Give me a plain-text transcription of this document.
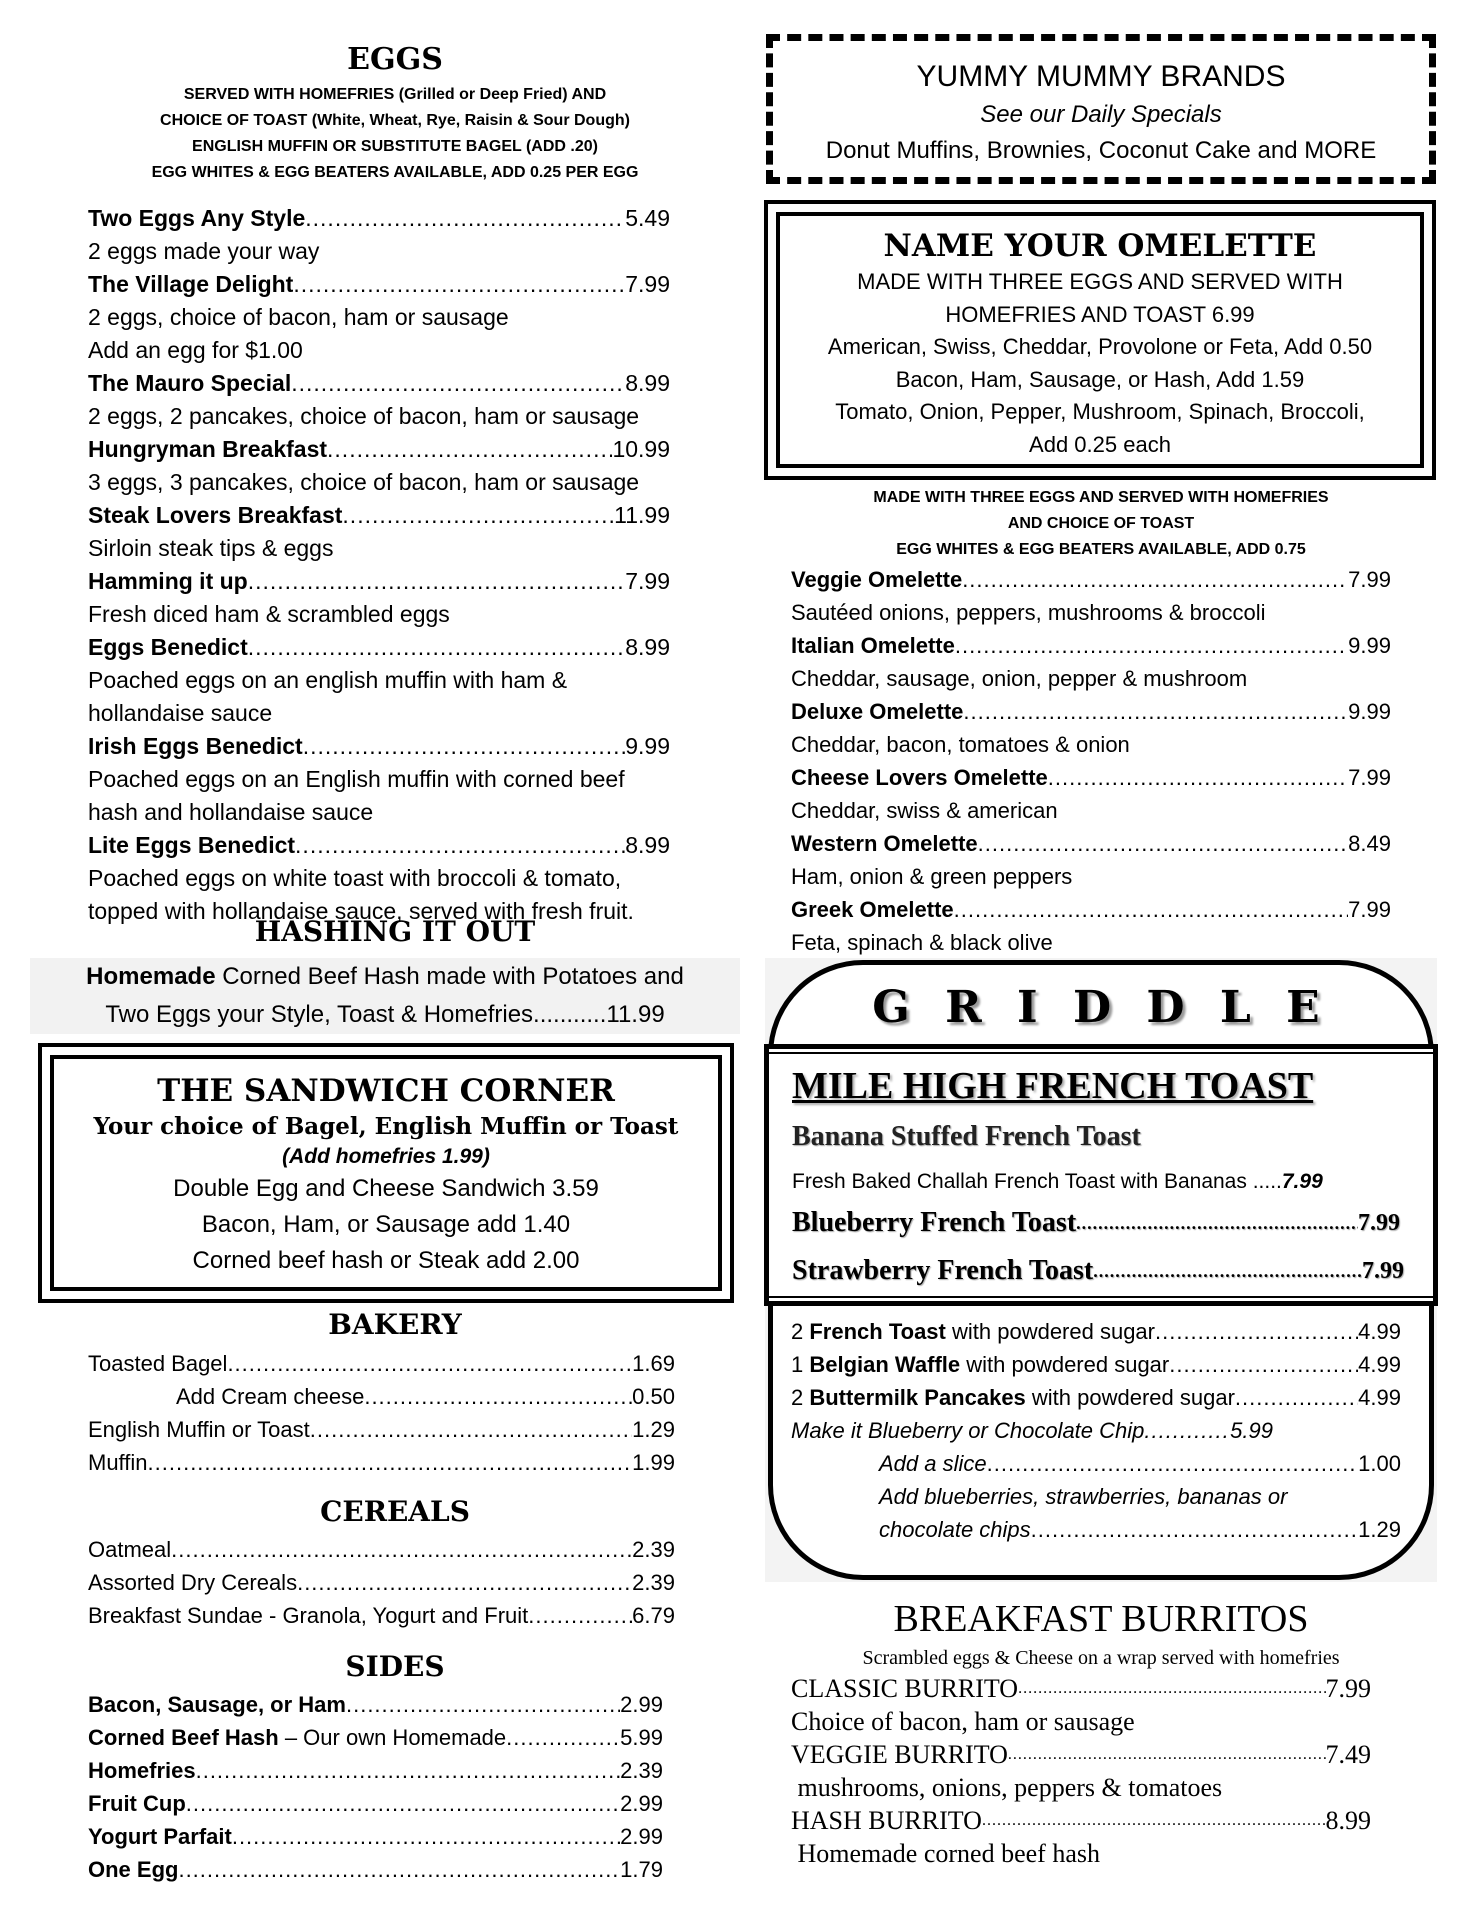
EGGS
SERVED WITH HOMEFRIES (Grilled or Deep Fried) AND
CHOICE OF TOAST (White, Wheat, Rye, Raisin & Sour Dough)
ENGLISH MUFFIN OR SUBSTITUTE BAGEL (ADD .20)
EGG WHITES & EGG BEATERS AVAILABLE, ADD 0.25 PER EGG
Two Eggs Any Style .....	5.49
2 eggs made your way
The Village Delight .....	7.99
2 eggs, choice of bacon, ham or sausage
Add an egg for $1.00
The Mauro Special .....	8.99
2 eggs, 2 pancakes, choice of bacon, ham or sausage
Hungryman Breakfast .....	10.99
3 eggs, 3 pancakes, choice of bacon, ham or sausage
Steak Lovers Breakfast .....	11.99
Sirloin steak tips & eggs
Hamming it up .....	7.99
Fresh diced ham & scrambled eggs
Eggs Benedict .....	8.99
Poached eggs on an english muffin with ham &
hollandaise sauce
Irish Eggs Benedict .....	9.99
Poached eggs on an English muffin with corned beef
hash and hollandaise sauce
Lite Eggs Benedict .....	8.99
Poached eggs on white toast with broccoli & tomato,
topped with hollandaise sauce, served with fresh fruit.
HASHING IT OUT
Homemade Corned Beef Hash made with Potatoes and
Two Eggs your Style, Toast & Homefries...........11.99
THE SANDWICH CORNER
Your choice of Bagel, English Muffin or Toast
(Add homefries 1.99)
Double Egg and Cheese Sandwich 3.59
Bacon, Ham, or Sausage add 1.40
Corned beef hash or Steak add 2.00
BAKERY
Toasted Bagel .....	1.69
Add Cream cheese .....	0.50
English Muffin or Toast .....	1.29
Muffin .....	1.99
CEREALS
Oatmeal .....	2.39
Assorted Dry Cereals .....	2.39
Breakfast Sundae - Granola, Yogurt and Fruit .....	6.79
SIDES
Bacon, Sausage, or Ham .....	2.99
Corned Beef Hash – Our own Homemade .....	5.99
Homefries .....	2.39
Fruit Cup .....	2.99
Yogurt Parfait .....	2.99
One Egg .....	1.79
YUMMY MUMMY BRANDS
See our Daily Specials
Donut Muffins, Brownies, Coconut Cake and MORE
NAME YOUR OMELETTE
MADE WITH THREE EGGS AND SERVED WITH
HOMEFRIES AND TOAST 6.99
American, Swiss, Cheddar, Provolone or Feta, Add 0.50
Bacon, Ham, Sausage, or Hash, Add 1.59
Tomato, Onion, Pepper, Mushroom, Spinach, Broccoli,
Add 0.25 each
MADE WITH THREE EGGS AND SERVED WITH HOMEFRIES
AND CHOICE OF TOAST
EGG WHITES & EGG BEATERS AVAILABLE, ADD 0.75
Veggie Omelette .....	7.99
Sautéed onions, peppers, mushrooms & broccoli
Italian Omelette .....	9.99
Cheddar, sausage, onion, pepper & mushroom
Deluxe Omelette .....	9.99
Cheddar, bacon, tomatoes & onion
Cheese Lovers Omelette .....	7.99
Cheddar, swiss & american
Western Omelette .....	8.49
Ham, onion & green peppers
Greek Omelette .....	7.99
Feta, spinach & black olive
G R I D D L E
MILE HIGH FRENCH TOAST
Banana Stuffed French Toast
Fresh Baked Challah French Toast with Bananas .....7.99
Blueberry French Toast .....	7.99
Strawberry French Toast .....	7.99
2 French Toast with powdered sugar .....	4.99
1 Belgian Waffle with powdered sugar .....	4.99
2 Buttermilk Pancakes with powdered sugar .....	4.99
Make it Blueberry or Chocolate Chip .....	5.99
Add a slice .....	1.00
Add blueberries, strawberries, bananas or
chocolate chips .....	1.29
BREAKFAST BURRITOS
Scrambled eggs & Cheese on a wrap served with homefries
CLASSIC BURRITO .....	7.99
Choice of bacon, ham or sausage
VEGGIE BURRITO .....	7.49
mushrooms, onions, peppers & tomatoes
HASH BURRITO .....	8.99
Homemade corned beef hash
